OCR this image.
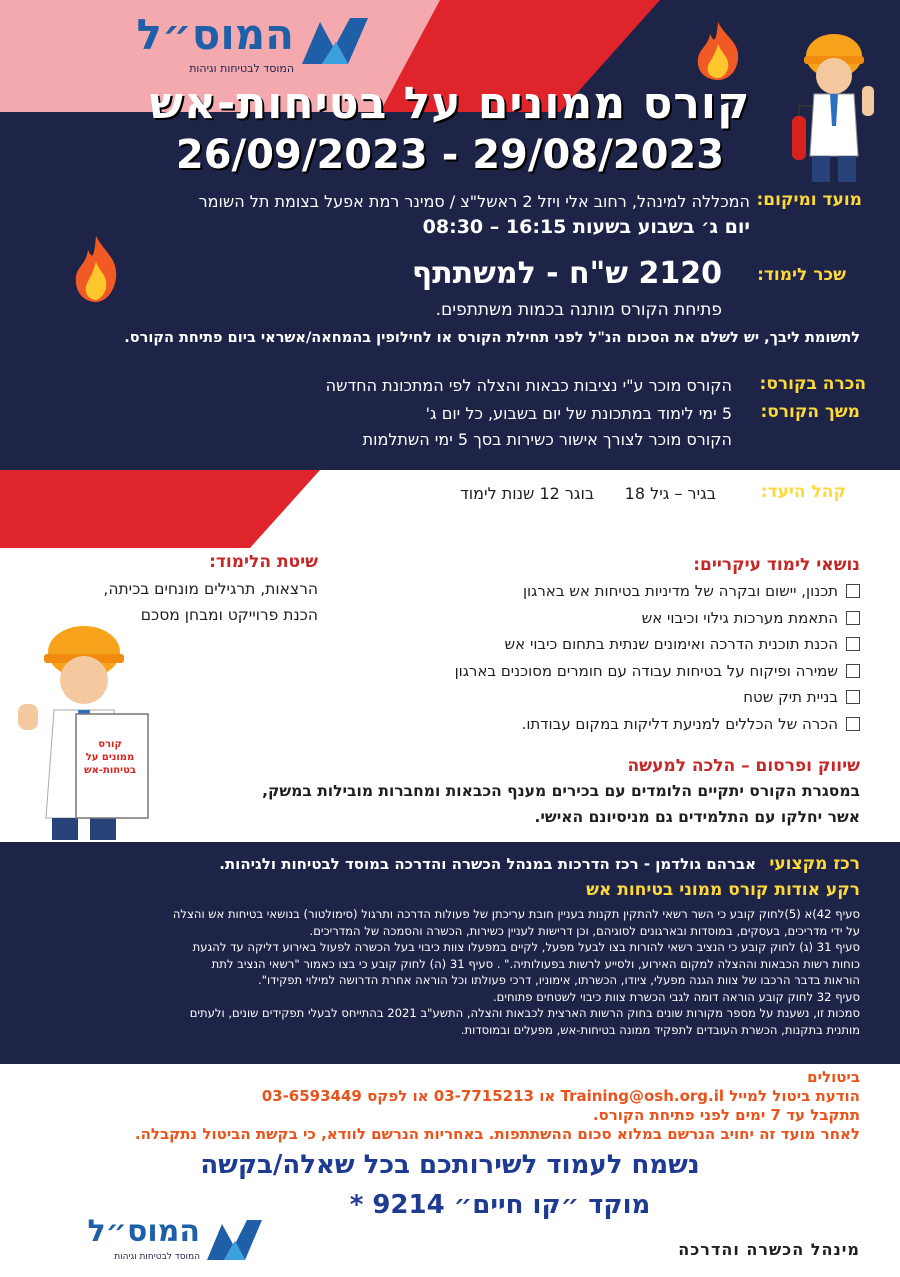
המוס״ל
המוסד לבטיחות וגיהות
קורס ממונים על בטיחות-אש
26/09/2023 - 29/08/2023
מועד ומיקום:
המכללה למינהל, רחוב אלי ויזל 2 ראשל"צ / סמינר רמת אפעל בצומת תל השומר
יום ג׳ בשבוע בשעות 16:15 – 08:30
שכר לימוד:
2120 ש"ח - למשתתף
פתיחת הקורס מותנה בכמות משתתפים.
לתשומת ליבך, יש לשלם את הסכום הנ"ל לפני תחילת הקורס או לחילופין בהמחאה/אשראי ביום פתיחת הקורס.
הכרה בקורס:
הקורס מוכר ע"י נציבות כבאות והצלה לפי המתכונת החדשה
משך הקורס:
5 ימי לימוד במתכונת של יום בשבוע, כל יום ג'
הקורס מוכר לצורך אישור כשירות בסך 5 ימי השתלמות
קהל היעד:
בגיר – גיל 18      בוגר 12 שנות לימוד
נושאי לימוד עיקריים:
תכנון, יישום ובקרה של מדיניות בטיחות אש בארגון
התאמת מערכות גילוי וכיבוי אש
הכנת תוכנית הדרכה ואימונים שנתית בתחום כיבוי אש
שמירה ופיקוח על בטיחות עבודה עם חומרים מסוכנים בארגון
בניית תיק שטח
הכרה של הכללים למניעת דליקות במקום עבודתו.
שיטת הלימוד:
הרצאות, תרגילים מונחים בכיתה,
הכנת פרוייקט ומבחן מסכם
קורס
ממונים על
בטיחות-אש	שיווק ופרסום – הלכה למעשה
במסגרת הקורס יתקיים הלומדים עם בכירים מענף הכבאות ומחברות מובילות במשק,
אשר יחלקו עם התלמידים גם מניסיונם האישי.
רכז מקצועי אברהם גולדמן - רכז הדרכות במנהל הכשרה והדרכה במוסד לבטיחות ולגיהות.
רקע אודות קורס ממוני בטיחות אש
סעיף 42)א (5)לחוק קובע כי השר רשאי להתקין תקנות בעניין חובת עריכתן של פעולות הדרכה ותרגול (סימולטור) בנושאי בטיחות אש והצלה
על ידי מדריכים, בעסקים, במוסדות ובארגונים לסוגיהם, וכן דרישות לעניין כשירות, הכשרה והסמכה של המדריכים.
סעיף 31 (ג) לחוק קובע כי הנציב רשאי להורות בצו לבעל מפעל, לקיים במפעלו צוות כיבוי בעל הכשרה לפעול באירוע דליקה עד להגעת
כוחות רשות הכבאות וההצלה למקום האירוע, ולסייע לרשות בפעולותיה." . סעיף 31 (ה) לחוק קובע כי בצו כאמור "רשאי הנציב לתת
הוראות בדבר הרכבו של צוות הגנה מפעלי, ציודו, הכשרתו, אימוניו, דרכי פעולתו וכל הוראה אחרת הדרושה למילוי תפקידו".
סעיף 32 לחוק קובע הוראה דומה לגבי הכשרת צוות כיבוי לשטחים פתוחים.
סמכות זו, נשענת על מספר מקורות שונים בחוק הרשות הארצית לכבאות והצלה, התשע"ב 2021 בהתייחס לבעלי תפקידים שונים, ולעתים
מותנית בתקנות, הכשרת העובדים לתפקיד ממונה בטיחות-אש, מפעלים ובמוסדות.
ביטולים
הודעת ביטול למייל Training@osh.org.il או 03-7715213 או לפקס 03-6593449
תתקבל עד 7 ימים לפני פתיחת הקורס.
לאחר מועד זה יחויב הנרשם במלוא סכום ההשתתפות. באחריות הנרשם לוודא, כי בקשת הביטול נתקבלה.
נשמח לעמוד לשירותכם בכל שאלה/בקשה
מוקד ״קו חיים״ 9214 *
המוס״ל
המוסד לבטיחות וגיהות	מינהל הכשרה והדרכה
